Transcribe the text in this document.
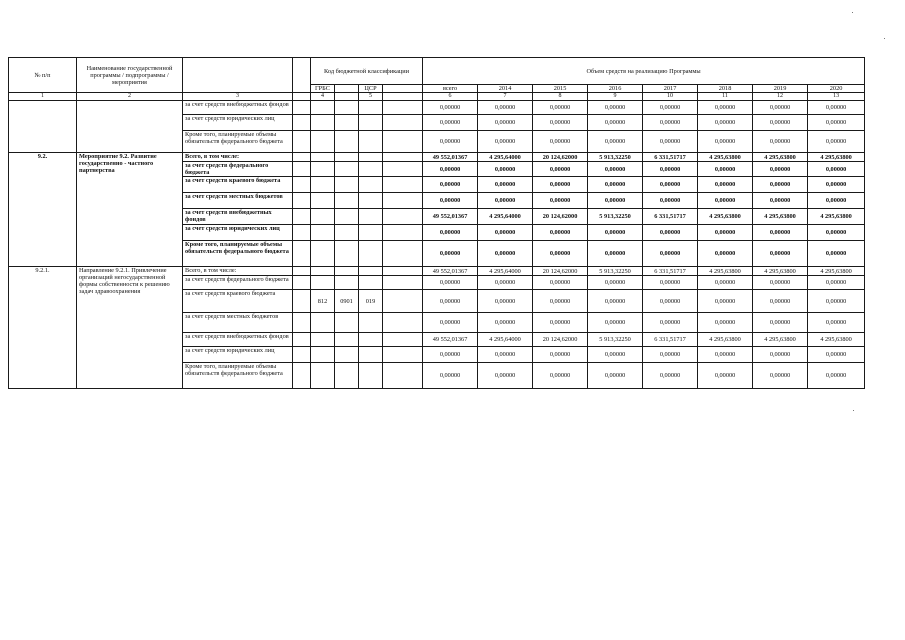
№ п/п	Наименование государственной программы / подпрограммы / мероприятия			Код бюджетной классификации				Объем средств на реализацию Программы							
				ГРБС		ЦСР		всего	2014	2015	2016	2017	2018	2019	2020
1	2	3		4		5		6	7	8	9	10	11	12	13
		за счет средств внебюджетных фондов						0,00000	0,00000	0,00000	0,00000	0,00000	0,00000	0,00000	0,00000
		за счет средств юридических лиц						0,00000	0,00000	0,00000	0,00000	0,00000	0,00000	0,00000	0,00000
		Кроме того, планируемые объемы обязательств федерального бюджета						0,00000	0,00000	0,00000	0,00000	0,00000	0,00000	0,00000	0,00000
9.2.	Мероприятие 9.2. Развитие государственно - частного партнерства	Всего, в том числе:						49 552,01367	4 295,64000	20 124,62000	5 913,32250	6 331,51717	4 295,63800	4 295,63800	4 295,63800
		за счет средств федерального бюджета						0,00000	0,00000	0,00000	0,00000	0,00000	0,00000	0,00000	0,00000
		за счет средств краевого бюджета						0,00000	0,00000	0,00000	0,00000	0,00000	0,00000	0,00000	0,00000
		за счет средств местных бюджетов						0,00000	0,00000	0,00000	0,00000	0,00000	0,00000	0,00000	0,00000
		за счет средств внебюджетных фондов						49 552,01367	4 295,64000	20 124,62000	5 913,32250	6 331,51717	4 295,63800	4 295,63800	4 295,63800
		за счет средств юридических лиц						0,00000	0,00000	0,00000	0,00000	0,00000	0,00000	0,00000	0,00000
		Кроме того, планируемые объемы обязательств федерального бюджета						0,00000	0,00000	0,00000	0,00000	0,00000	0,00000	0,00000	0,00000
9.2.1.	Направление 9.2.1. Привлечение организаций негосударственной формы собственности к решению задач здравоохранения	Всего, в том числе:						49 552,01367	4 295,64000	20 124,62000	5 913,32250	6 331,51717	4 295,63800	4 295,63800	4 295,63800
		за счет средств федерального бюджета						0,00000	0,00000	0,00000	0,00000	0,00000	0,00000	0,00000	0,00000
		за счет средств краевого бюджета		812	0901	019		0,00000	0,00000	0,00000	0,00000	0,00000	0,00000	0,00000	0,00000
		за счет средств местных бюджетов						0,00000	0,00000	0,00000	0,00000	0,00000	0,00000	0,00000	0,00000
		за счет средств внебюджетных фондов						49 552,01367	4 295,64000	20 124,62000	5 913,32250	6 331,51717	4 295,63800	4 295,63800	4 295,63800
		за счет средств юридических лиц						0,00000	0,00000	0,00000	0,00000	0,00000	0,00000	0,00000	0,00000
		Кроме того, планируемые объемы обязательств федерального бюджета						0,00000	0,00000	0,00000	0,00000	0,00000	0,00000	0,00000	0,00000
